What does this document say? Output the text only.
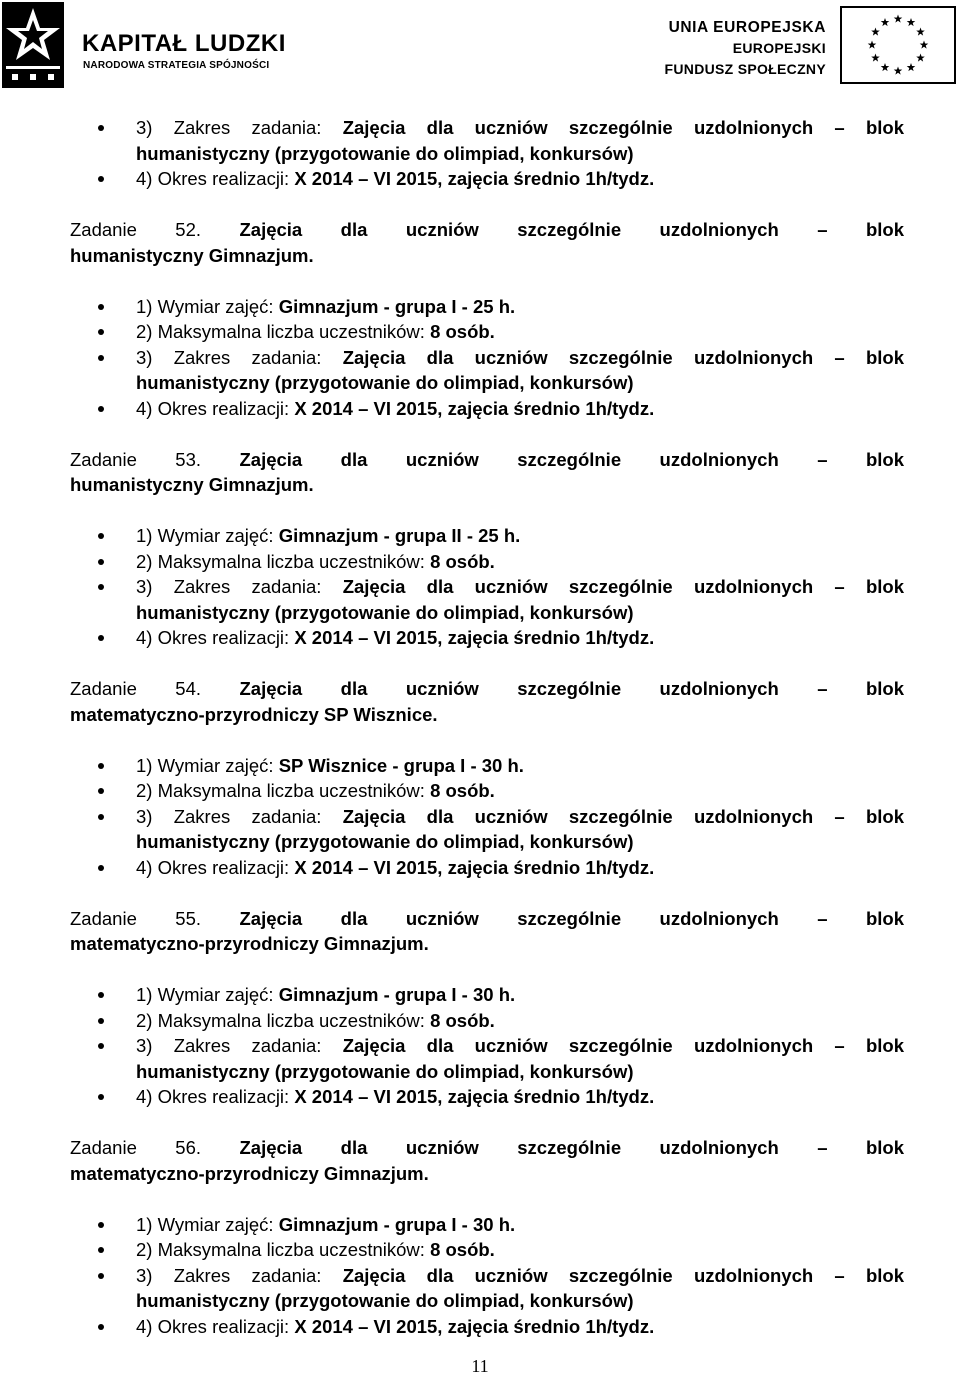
KAPITAŁ LUDZKI
NARODOWA STRATEGIA SPÓJNOŚCI
UNIA EUROPEJSKA
EUROPEJSKI
FUNDUSZ SPOŁECZNY
3) Zakres zadania: Zajęcia dla uczniów szczególnie uzdolnionych – blok
humanistyczny (przygotowanie do olimpiad, konkursów)
4) Okres realizacji: X 2014 – VI 2015, zajęcia średnio 1h/tydz.
Zadanie 52. Zajęcia dla uczniów szczególnie uzdolnionych – blok
humanistyczny Gimnazjum.
1) Wymiar zajęć: Gimnazjum - grupa I - 25 h.
2) Maksymalna liczba uczestników: 8 osób.
3) Zakres zadania: Zajęcia dla uczniów szczególnie uzdolnionych – blok
humanistyczny (przygotowanie do olimpiad, konkursów)
4) Okres realizacji: X 2014 – VI 2015, zajęcia średnio 1h/tydz.
Zadanie 53. Zajęcia dla uczniów szczególnie uzdolnionych – blok
humanistyczny Gimnazjum.
1) Wymiar zajęć: Gimnazjum - grupa II - 25 h.
2) Maksymalna liczba uczestników: 8 osób.
3) Zakres zadania: Zajęcia dla uczniów szczególnie uzdolnionych – blok
humanistyczny (przygotowanie do olimpiad, konkursów)
4) Okres realizacji: X 2014 – VI 2015, zajęcia średnio 1h/tydz.
Zadanie 54. Zajęcia dla uczniów szczególnie uzdolnionych – blok
matematyczno-przyrodniczy SP Wisznice.
1) Wymiar zajęć: SP Wisznice - grupa I - 30 h.
2) Maksymalna liczba uczestników: 8 osób.
3) Zakres zadania: Zajęcia dla uczniów szczególnie uzdolnionych – blok
humanistyczny (przygotowanie do olimpiad, konkursów)
4) Okres realizacji: X 2014 – VI 2015, zajęcia średnio 1h/tydz.
Zadanie 55. Zajęcia dla uczniów szczególnie uzdolnionych – blok
matematyczno-przyrodniczy Gimnazjum.
1) Wymiar zajęć: Gimnazjum - grupa I - 30 h.
2) Maksymalna liczba uczestników: 8 osób.
3) Zakres zadania: Zajęcia dla uczniów szczególnie uzdolnionych – blok
humanistyczny (przygotowanie do olimpiad, konkursów)
4) Okres realizacji: X 2014 – VI 2015, zajęcia średnio 1h/tydz.
Zadanie 56. Zajęcia dla uczniów szczególnie uzdolnionych – blok
matematyczno-przyrodniczy Gimnazjum.
1) Wymiar zajęć: Gimnazjum - grupa I - 30 h.
2) Maksymalna liczba uczestników: 8 osób.
3) Zakres zadania: Zajęcia dla uczniów szczególnie uzdolnionych – blok
humanistyczny (przygotowanie do olimpiad, konkursów)
4) Okres realizacji: X 2014 – VI 2015, zajęcia średnio 1h/tydz.
11
